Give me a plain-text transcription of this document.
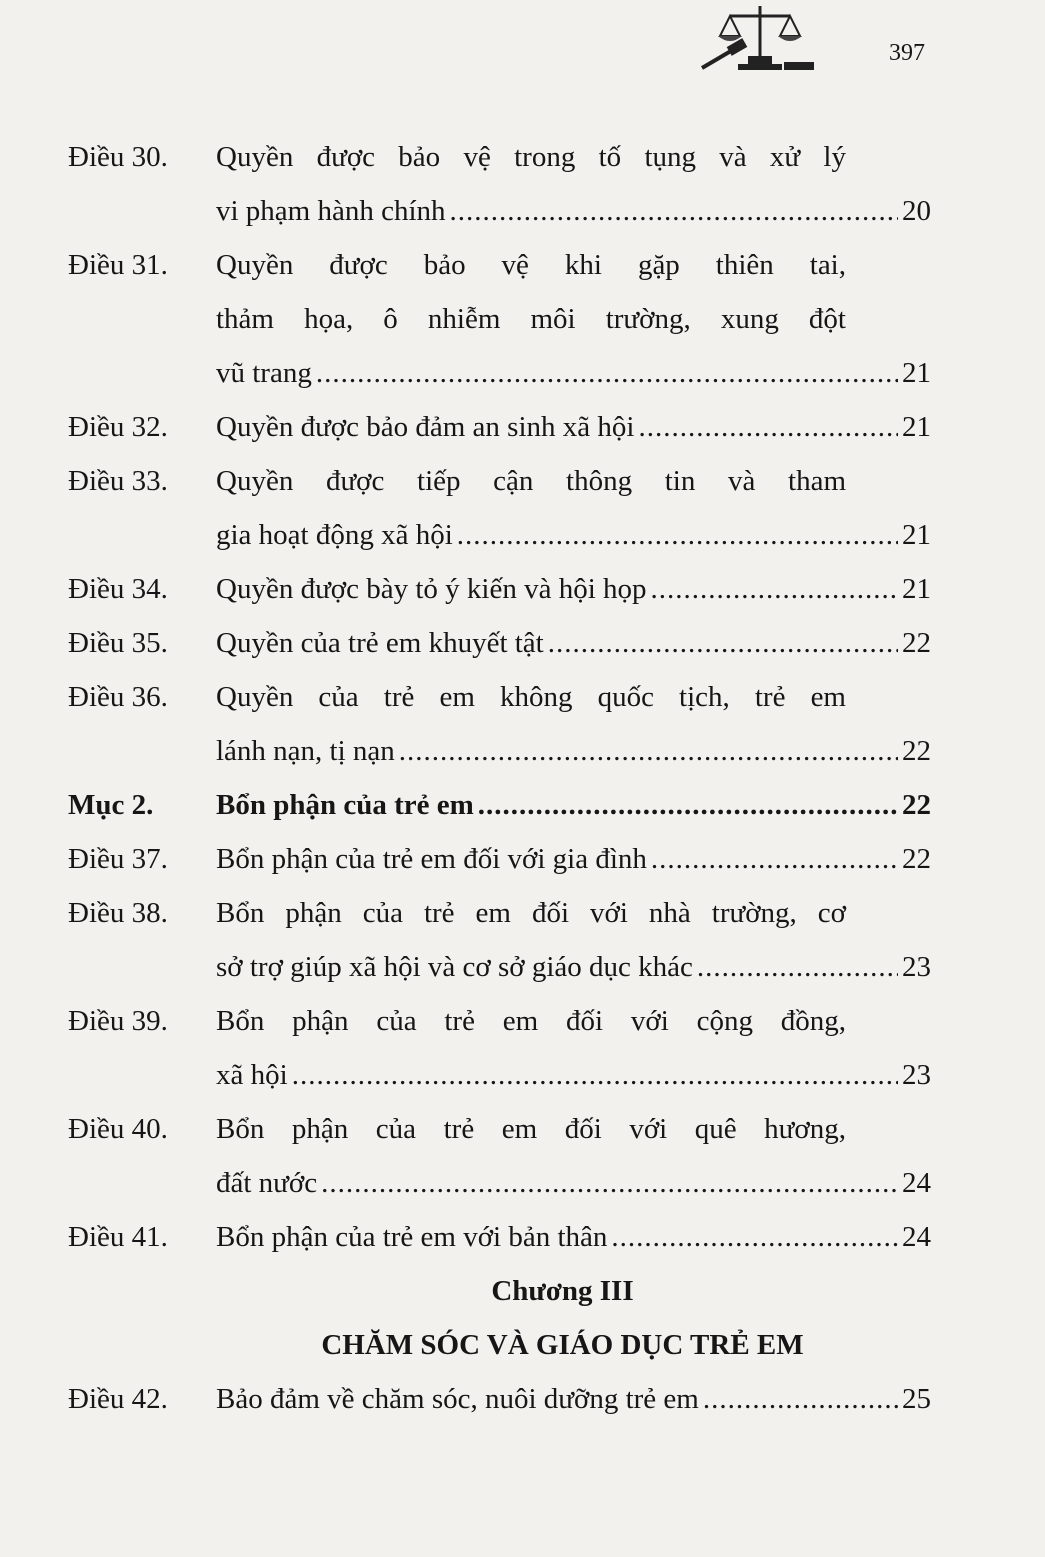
397
Điều 30. Quyền được bảo vệ trong tố tụng và xử lý
vi phạm hành chính .....	20
Điều 31. Quyền được bảo vệ khi gặp thiên tai,
thảm họa, ô nhiễm môi trường, xung đột
vũ trang .....	21
Điều 32. Quyền được bảo đảm an sinh xã hội .....	21
Điều 33. Quyền được tiếp cận thông tin và tham
gia hoạt động xã hội .....	21
Điều 34. Quyền được bày tỏ ý kiến và hội họp .....	21
Điều 35. Quyền của trẻ em khuyết tật .....	22
Điều 36. Quyền của trẻ em không quốc tịch, trẻ em
lánh nạn, tị nạn .....	22
Mục 2. Bổn phận của trẻ em .....	22
Điều 37. Bổn phận của trẻ em đối với gia đình .....	22
Điều 38. Bổn phận của trẻ em đối với nhà trường, cơ
sở trợ giúp xã hội và cơ sở giáo dục khác .....	23
Điều 39. Bổn phận của trẻ em đối với cộng đồng,
xã hội .....	23
Điều 40. Bổn phận của trẻ em đối với quê hương,
đất nước .....	24
Điều 41. Bổn phận của trẻ em với bản thân .....	24
Chương III
CHĂM SÓC VÀ GIÁO DỤC TRẺ EM
Điều 42. Bảo đảm về chăm sóc, nuôi dưỡng trẻ em .....	25
